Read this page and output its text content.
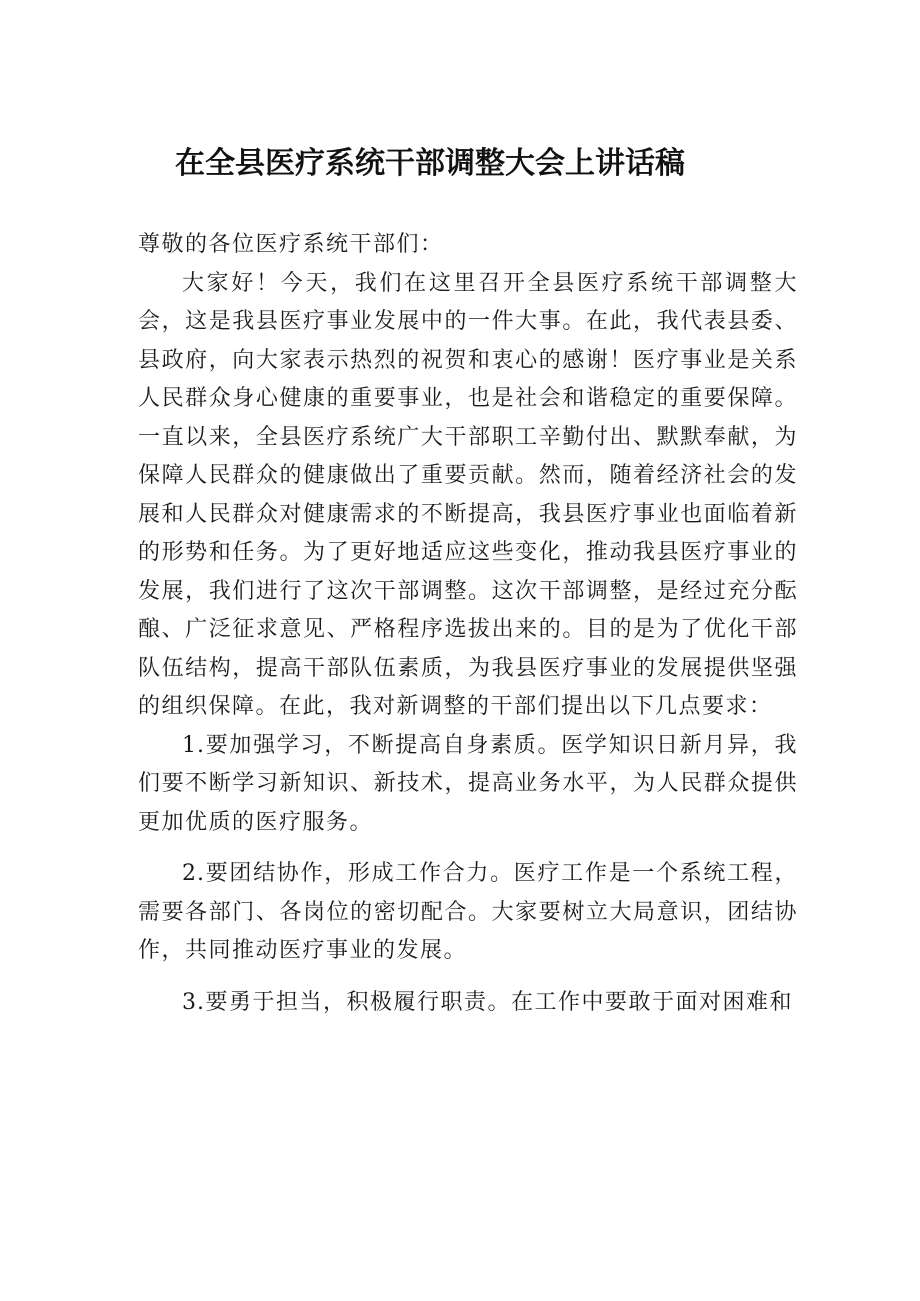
在全县医疗系统干部调整大会上讲话稿

尊敬的各位医疗系统干部们：

大家好！今天，我们在这里召开全县医疗系统干部调整大会，这是我县医疗事业发展中的一件大事。在此，我代表县委、县政府，向大家表示热烈的祝贺和衷心的感谢！医疗事业是关系人民群众身心健康的重要事业，也是社会和谐稳定的重要保障。一直以来，全县医疗系统广大干部职工辛勤付出、默默奉献，为保障人民群众的健康做出了重要贡献。然而，随着经济社会的发展和人民群众对健康需求的不断提高，我县医疗事业也面临着新的形势和任务。为了更好地适应这些变化，推动我县医疗事业的发展，我们进行了这次干部调整。这次干部调整，是经过充分酝酿、广泛征求意见、严格程序选拔出来的。目的是为了优化干部队伍结构，提高干部队伍素质，为我县医疗事业的发展提供坚强的组织保障。在此，我对新调整的干部们提出以下几点要求：

1.要加强学习，不断提高自身素质。医学知识日新月异，我们要不断学习新知识、新技术，提高业务水平，为人民群众提供更加优质的医疗服务。

2.要团结协作，形成工作合力。医疗工作是一个系统工程，需要各部门、各岗位的密切配合。大家要树立大局意识，团结协作，共同推动医疗事业的发展。

3.要勇于担当，积极履行职责。在工作中要敢于面对困难和
